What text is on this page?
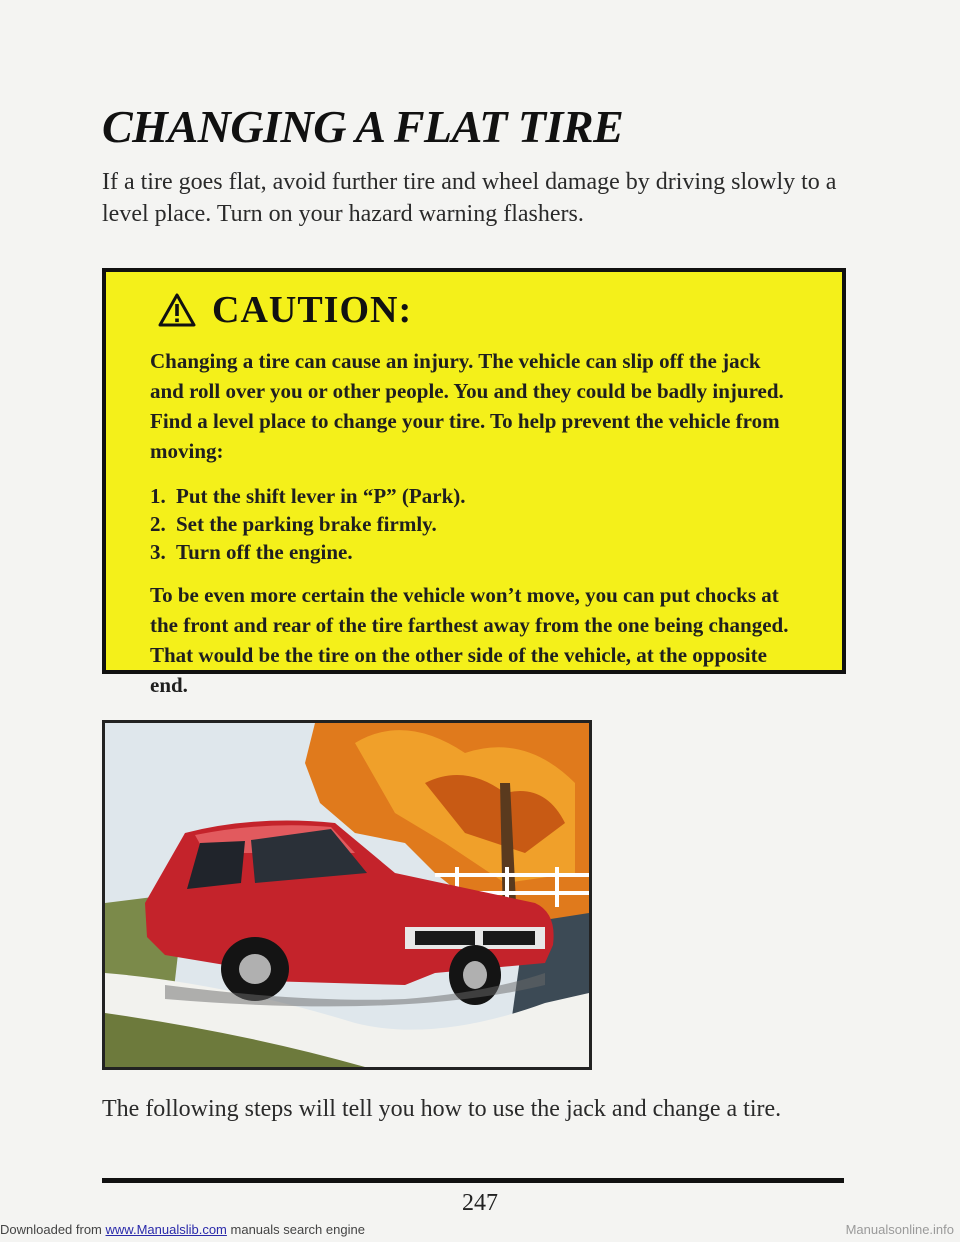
CHANGING A FLAT TIRE

If a tire goes flat, avoid further tire and wheel damage by driving slowly to a level place. Turn on your hazard warning flashers.

CAUTION:

Changing a tire can cause an injury. The vehicle can slip off the jack and roll over you or other people. You and they could be badly injured. Find a level place to change your tire. To help prevent the vehicle from moving:

1. Put the shift lever in “P” (Park).
2. Set the parking brake firmly.
3. Turn off the engine.

To be even more certain the vehicle won’t move, you can put chocks at the front and rear of the tire farthest away from the one being changed. That would be the tire on the other side of the vehicle, at the opposite end.

The following steps will tell you how to use the jack and change a tire.

247
Downloaded from www.Manualslib.com manuals search engine	Manualsonline.info
